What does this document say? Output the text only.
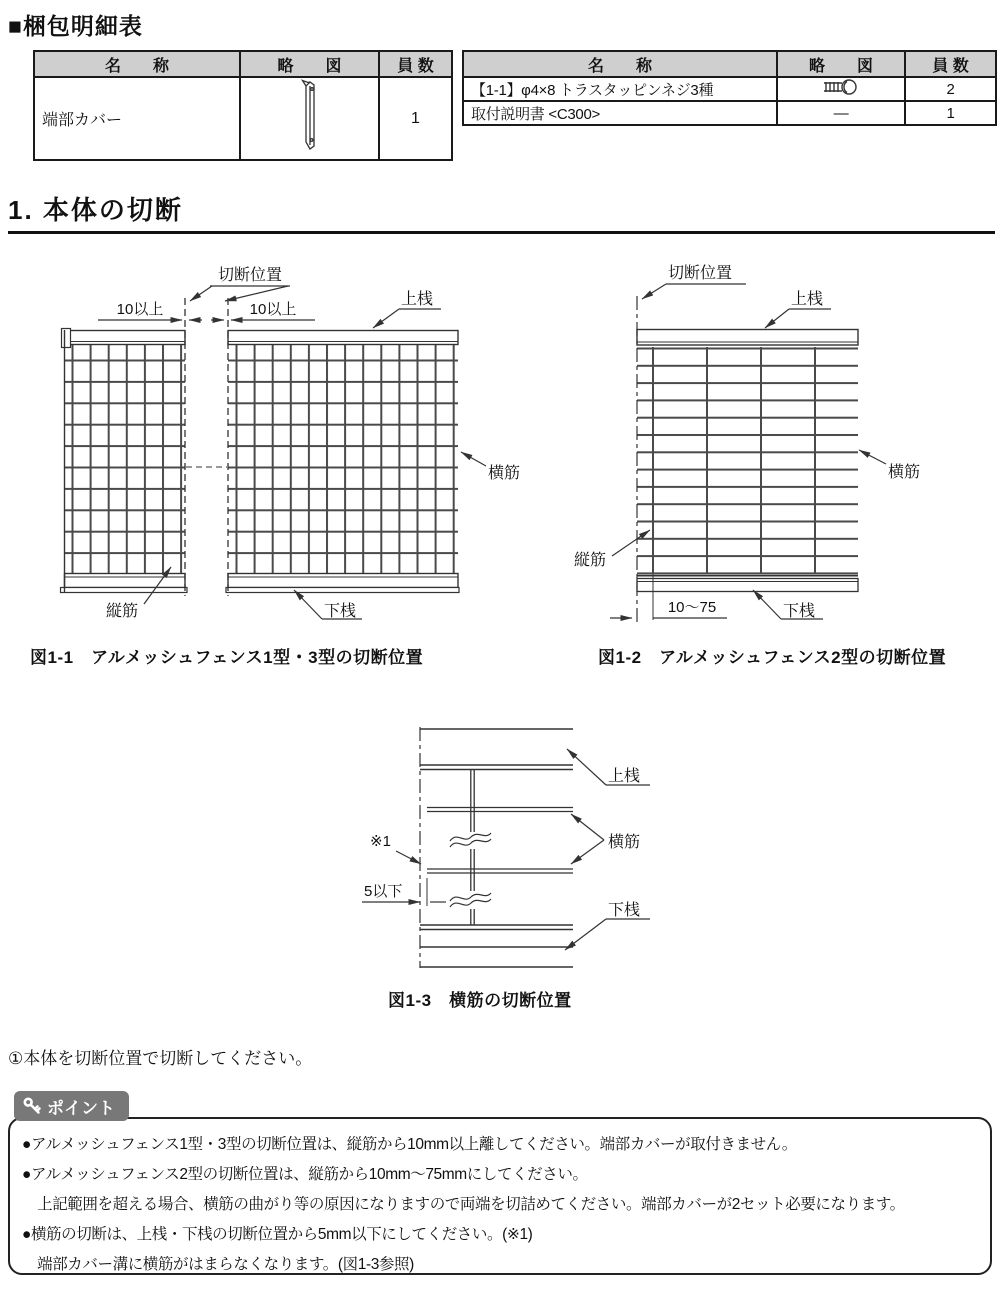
■梱包明細表
1. 本体の切断
名　　称	略　　図	員 数
端部カバー		1
名　　称	略　　図	員 数
【1-1】φ4×8 トラスタッピンネジ3種		2
取付説明書 <C300>	―	1
10以上	10以上
切断位置
上桟
横筋
縦筋	下桟
切断位置
上桟
横筋
縦筋
下桟
10～75
図1-1　アルメッシュフェンス1型・3型の切断位置	図1-2　アルメッシュフェンス2型の切断位置
上桟
横筋
下桟
※1
5以下
図1-3　横筋の切断位置
①本体を切断位置で切断してください。
ポイント
●アルメッシュフェンス1型・3型の切断位置は、縦筋から10mm以上離してください。端部カバーが取付きません。
●アルメッシュフェンス2型の切断位置は、縦筋から10mm～75mmにしてください。
　上記範囲を超える場合、横筋の曲がり等の原因になりますので両端を切詰めてください。端部カバーが2セット必要になります。
●横筋の切断は、上桟・下桟の切断位置から5mm以下にしてください。(※1)
　端部カバー溝に横筋がはまらなくなります。(図1-3参照)
